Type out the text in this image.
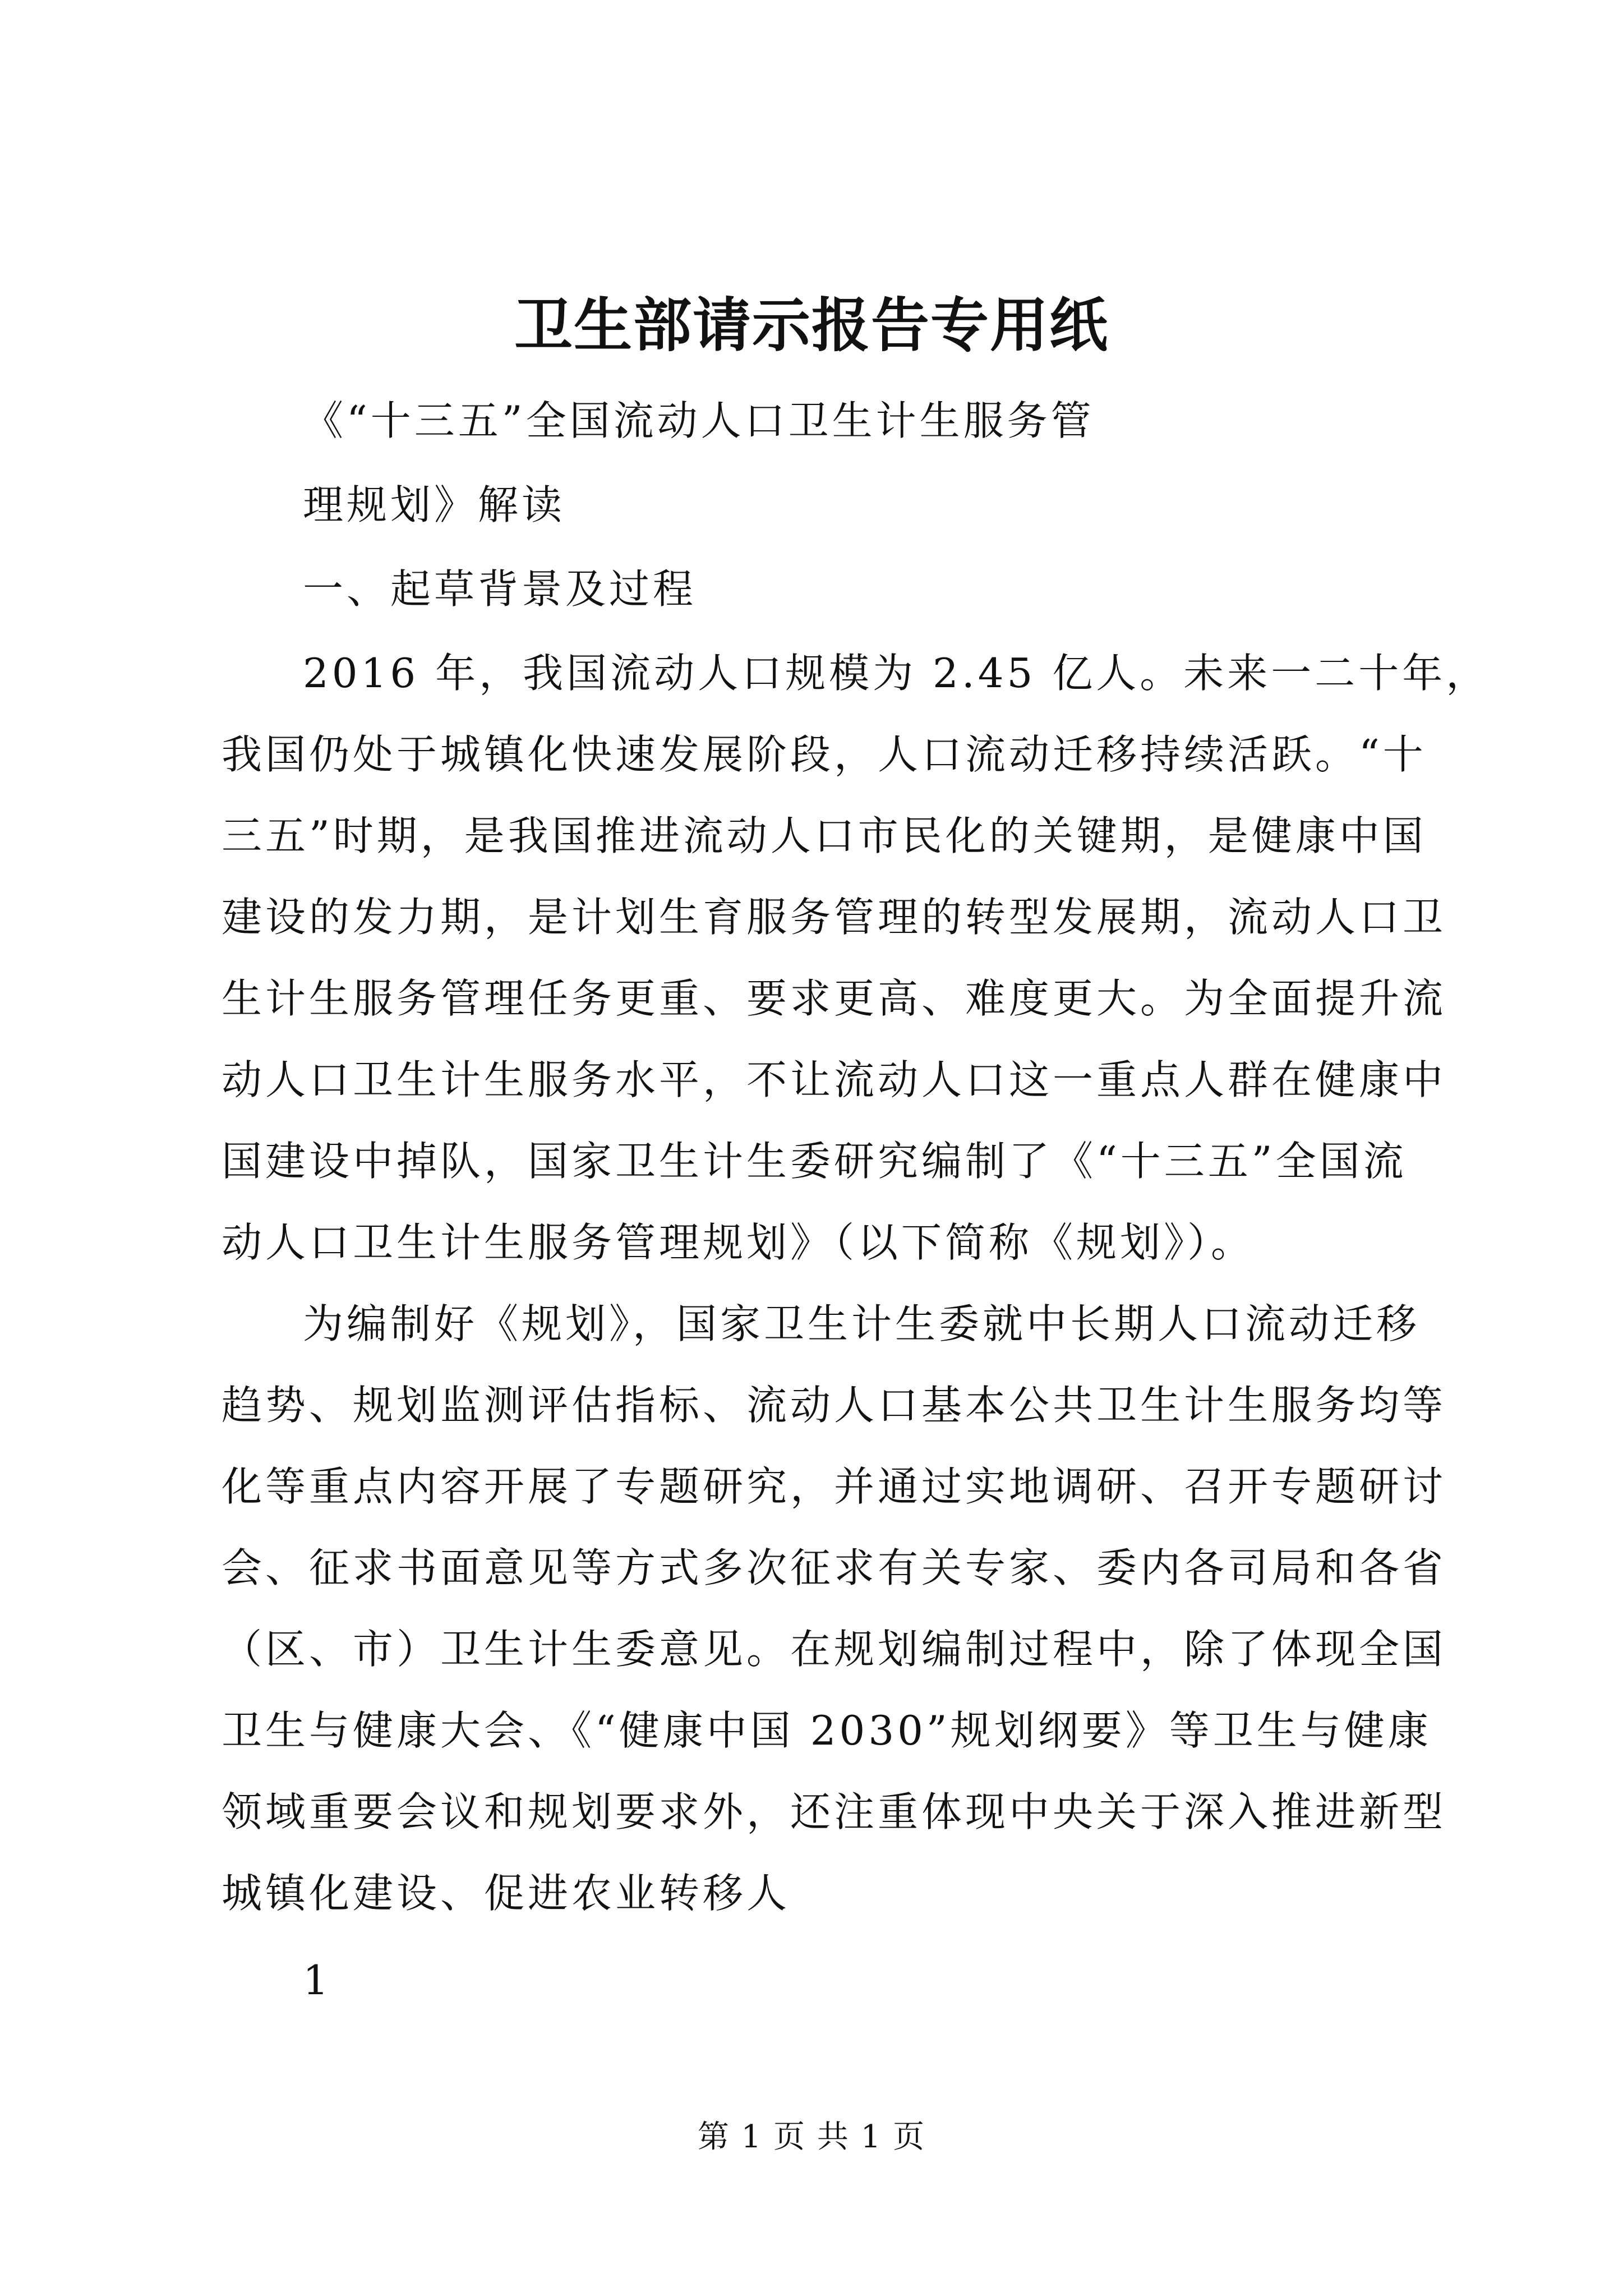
卫生部请示报告专用纸
《“十三五”全国流动人口卫生计生服务管
理规划》解读
一、起草背景及过程
2016 年，我国流动人口规模为 2.45 亿人。未来一二十年，
我国仍处于城镇化快速发展阶段，人口流动迁移持续活跃。“十
三五”时期，是我国推进流动人口市民化的关键期，是健康中国
建设的发力期，是计划生育服务管理的转型发展期，流动人口卫
生计生服务管理任务更重、要求更高、难度更大。为全面提升流
动人口卫生计生服务水平，不让流动人口这一重点人群在健康中
国建设中掉队，国家卫生计生委研究编制了《“十三五”全国流
动人口卫生计生服务管理规划》（以下简称《规划》）。
为编制好《规划》，国家卫生计生委就中长期人口流动迁移
趋势、规划监测评估指标、流动人口基本公共卫生计生服务均等
化等重点内容开展了专题研究，并通过实地调研、召开专题研讨
会、征求书面意见等方式多次征求有关专家、委内各司局和各省
（区、市）卫生计生委意见。在规划编制过程中，除了体现全国
卫生与健康大会、《“健康中国 2030”规划纲要》等卫生与健康
领域重要会议和规划要求外，还注重体现中央关于深入推进新型
城镇化建设、促进农业转移人
1
第 1 页 共 1 页
